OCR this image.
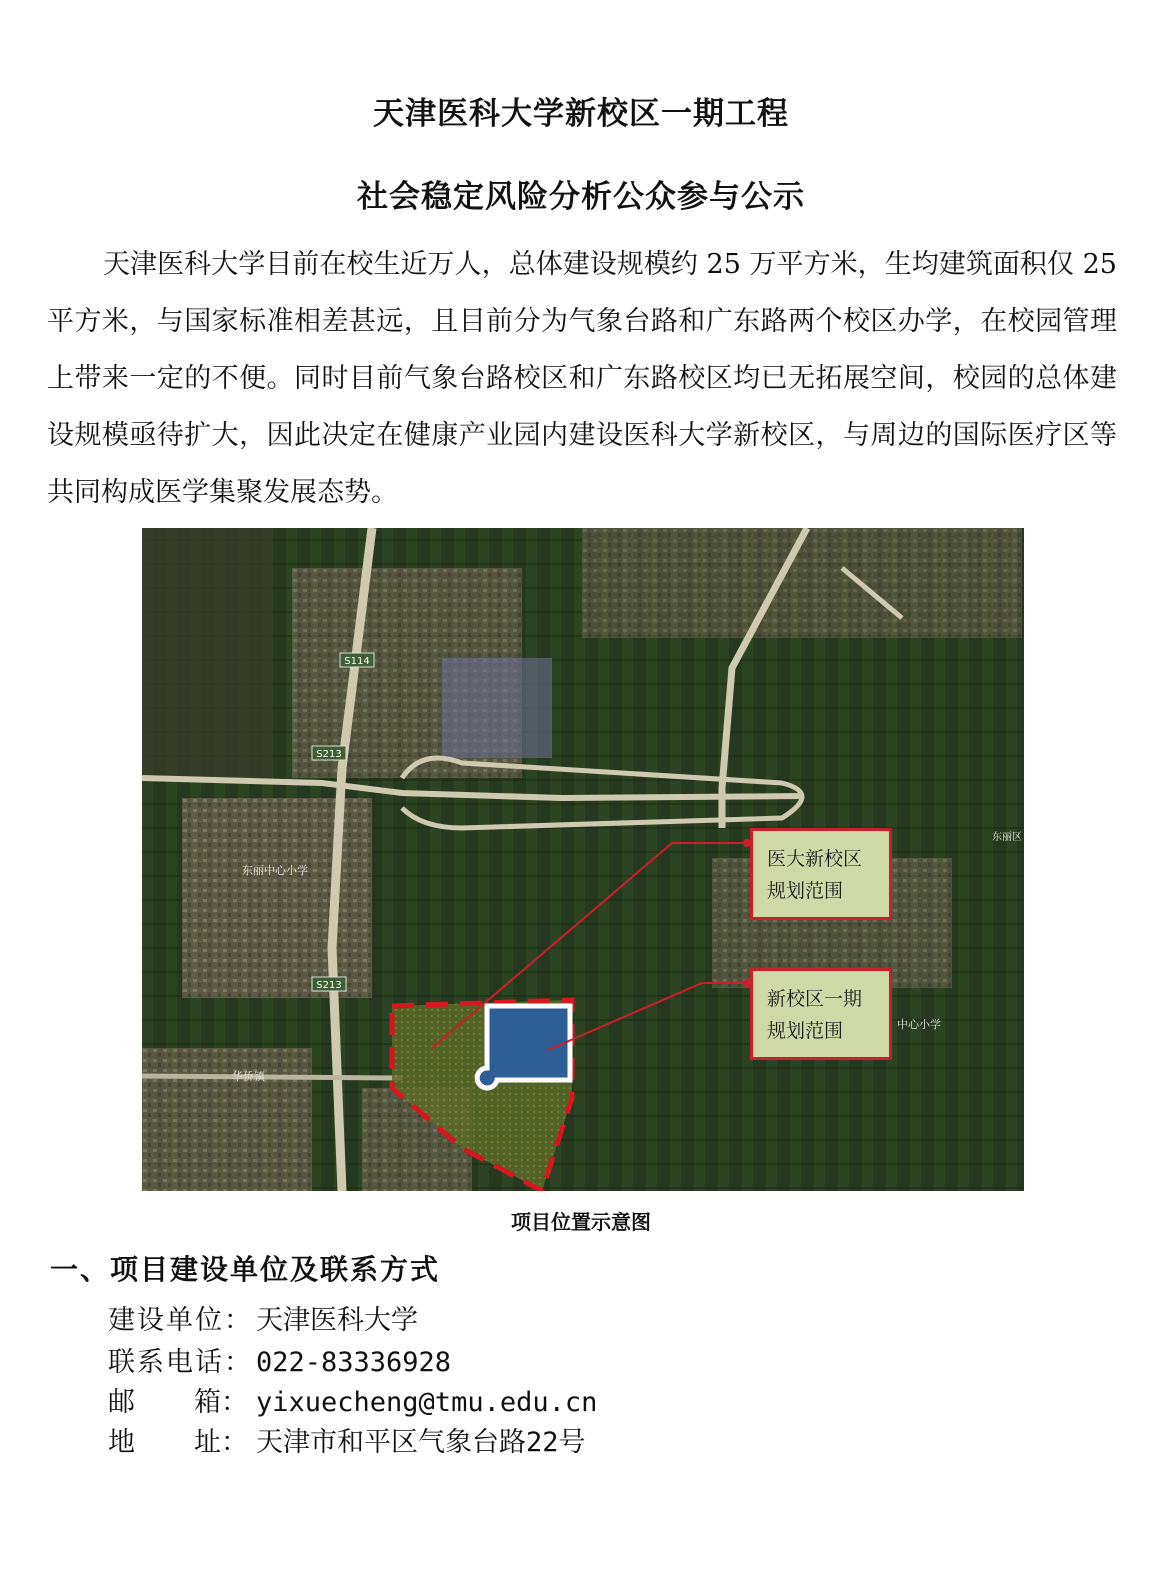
天津医科大学新校区一期工程
社会稳定风险分析公众参与公示
天津医科大学目前在校生近万人，总体建设规模约 25 万平方米，生均建筑面积仅 25 平方米，与国家标准相差甚远，且目前分为气象台路和广东路两个校区办学，在校园管理上带来一定的不便。同时目前气象台路校区和广东路校区均已无拓展空间，校园的总体建设规模亟待扩大，因此决定在健康产业园内建设医科大学新校区，与周边的国际医疗区等共同构成医学集聚发展态势。
S114
S213
S213
东丽中心小学
中心小学
华侨镇
东丽区
医大新校区
规划范围
新校区一期
规划范围
项目位置示意图
一、项目建设单位及联系方式
建设单位： 天津医科大学
联系电话： 022-83336928
邮 箱： yixuecheng@tmu.edu.cn
地 址： 天津市和平区气象台路22号
